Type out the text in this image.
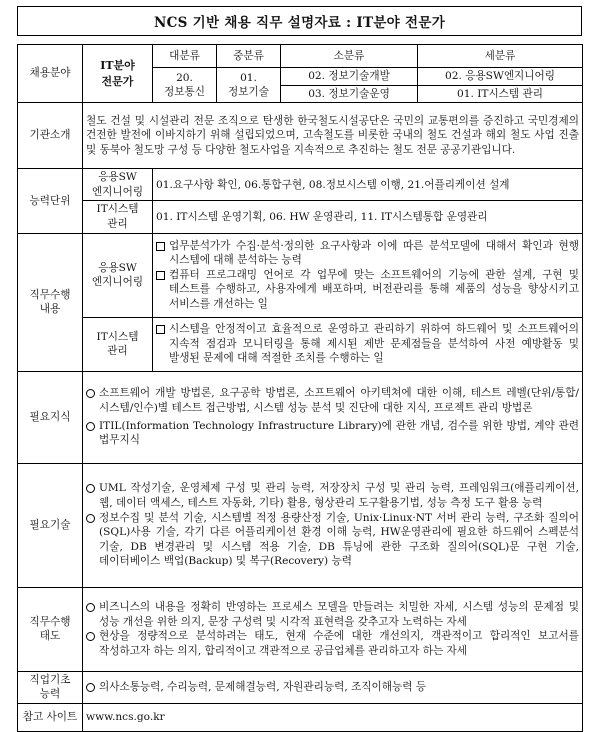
NCS 기반 채용 직무 설명자료 : IT분야 전문가
채용분야	IT분야 전문가	대분류	중분류	소분류	세분류
		20. 정보통신	01. 정보기술	02. 정보기술개발	02. 응용SW엔지니어링
				03. 정보기술운영	01. IT시스템 관리
기관소개	철도 건설 및 시설관리 전문 조직으로 탄생한 한국철도시설공단은 국민의 교통편의를 증진하고 국민경제의 건전한 발전에 이바지하기 위해 설립되었으며, 고속철도를 비롯한 국내의 철도 건설과 해외 철도 사업 진출 및 동북아 철도망 구성 등 다양한 철도사업을 지속적으로 추진하는 철도 전문 공공기관입니다.				
능력단위	응용SW 엔지니어링	01.요구사항 확인, 06.통합구현, 08.정보시스템 이행, 21.어플리케이션 설계			
	IT시스템 관리	01. IT시스템 운영기획, 06. HW 운영관리, 11. IT시스템통합 운영관리			
직무수행 내용	응용SW 엔지니어링	업무분석가가 수집·분석·정의한 요구사항과 이에 따른 분석모델에 대해서 확인과 현행 시스템에 대해 분석하는 능력
컴퓨터 프로그래밍 언어로 각 업무에 맞는 소프트웨어의 기능에 관한 설계, 구현 및 테스트를 수행하고, 사용자에게 배포하며, 버전관리를 통해 제품의 성능을 향상시키고 서비스를 개선하는 일			

	IT시스템 관리	시스템을 안정적이고 효율적으로 운영하고 관리하기 위하여 하드웨어 및 소프트웨어의 지속적 점검과 모니터링을 통해 제시된 제반 문제점들을 분석하여 사전 예방활동 및 발생된 문제에 대해 적절한 조치를 수행하는 일			

필요지식	소프트웨어 개발 방법론, 요구공학 방법론, 소프트웨어 아키텍쳐에 대한 이해, 테스트 레벨(단위/통합/시스템/인수)별 테스트 접근방법, 시스템 성능 분석 및 진단에 대한 지식, 프로젝트 관리 방법론
ITIL(Information Technology Infrastructure Library)에 관한 개념, 검수를 위한 방법, 계약 관련 법무지식				

필요기술	UML 작성기술, 운영체제 구성 및 관리 능력, 저장장치 구성 및 관리 능력, 프레임워크(애플리케이션, 웹, 데이터 액세스, 테스트 자동화, 기타) 활용, 형상관리 도구활용기법, 성능 측정 도구 활용 능력
정보수집 및 분석 기술, 시스템별 적정 용량산정 기술, Unix·Linux·NT 서버 관리 능력, 구조화 질의어(SQL)사용 기술, 각기 다른 어플리케이션 환경 이해 능력, HW운영관리에 필요한 하드웨어 스펙분석 기술, DB 변경관리 및 시스템 적용 기술, DB 튜닝에 관한 구조화 질의어(SQL)문 구현 기술, 데이터베이스 백업(Backup) 및 복구(Recovery) 능력				

직무수행 태도	비즈니스의 내용을 정확히 반영하는 프로세스 모델을 만들려는 치밀한 자세, 시스템 성능의 문제점 및 성능 개선을 위한 의지, 문장 구성력 및 시각적 표현력을 갖추고자 노력하는 자세
현상을 정량적으로 분석하려는 태도, 현재 수준에 대한 개선의지, 객관적이고 합리적인 보고서를 작성하고자 하는 의지, 합리적이고 객관적으로 공급업체를 관리하고자 하는 자세				

직업기초 능력	의사소통능력, 수리능력, 문제해결능력, 자원관리능력, 조직이해능력 등				

참고 사이트	www.ncs.go.kr				
